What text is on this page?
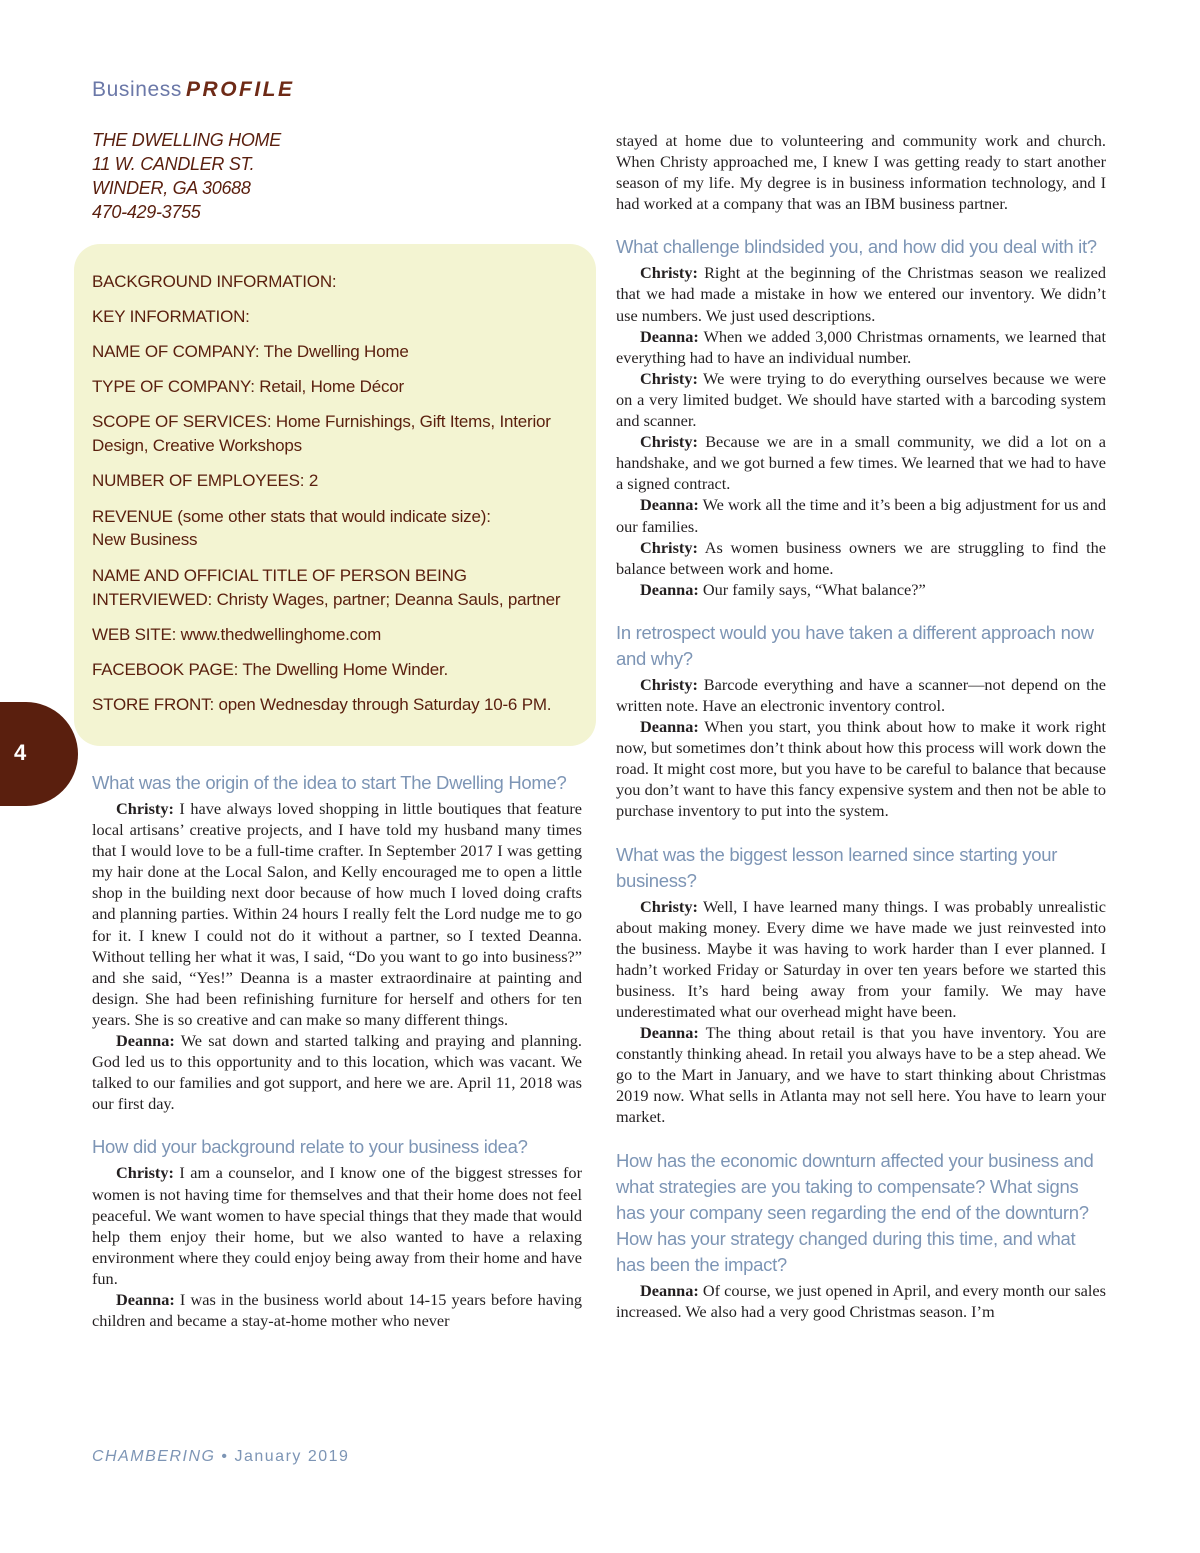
Business PROFILE
THE DWELLING HOME
11 W. CANDLER ST.
WINDER, GA 30688
470-429-3755
BACKGROUND INFORMATION:
KEY INFORMATION:
NAME OF COMPANY: The Dwelling Home
TYPE OF COMPANY: Retail, Home Décor
SCOPE OF SERVICES: Home Furnishings, Gift Items, Interior Design, Creative Workshops
NUMBER OF EMPLOYEES: 2
REVENUE (some other stats that would indicate size):
New Business
NAME AND OFFICIAL TITLE OF PERSON BEING INTERVIEWED: Christy Wages, partner; Deanna Sauls, partner
WEB SITE: www.thedwellinghome.com
FACEBOOK PAGE: The Dwelling Home Winder.
STORE FRONT: open Wednesday through Saturday 10-6 PM.
4
What was the origin of the idea to start The Dwelling Home?

Christy: I have always loved shopping in little boutiques that feature local artisans’ creative projects, and I have told my husband many times that I would love to be a full-time crafter. In September 2017 I was getting my hair done at the Local Salon, and Kelly encouraged me to open a little shop in the building next door because of how much I loved doing crafts and planning parties. Within 24 hours I really felt the Lord nudge me to go for it. I knew I could not do it without a partner, so I texted Deanna. Without telling her what it was, I said, “Do you want to go into business?” and she said, “Yes!” Deanna is a master extraordinaire at painting and design. She had been refinishing furniture for herself and others for ten years. She is so creative and can make so many different things.

Deanna: We sat down and started talking and praying and planning. God led us to this opportunity and to this location, which was vacant. We talked to our families and got support, and here we are. April 11, 2018 was our first day.

How did your background relate to your business idea?

Christy: I am a counselor, and I know one of the biggest stresses for women is not having time for themselves and that their home does not feel peaceful. We want women to have special things that they made that would help them enjoy their home, but we also wanted to have a relaxing environment where they could enjoy being away from their home and have fun.

Deanna: I was in the business world about 14-15 years before having children and became a stay-at-home mother who never

stayed at home due to volunteering and community work and church. When Christy approached me, I knew I was getting ready to start another season of my life. My degree is in business information technology, and I had worked at a company that was an IBM business partner.

What challenge blindsided you, and how did you deal with it?

Christy: Right at the beginning of the Christmas season we realized that we had made a mistake in how we entered our inventory. We didn’t use numbers. We just used descriptions.

Deanna: When we added 3,000 Christmas ornaments, we learned that everything had to have an individual number.

Christy: We were trying to do everything ourselves because we were on a very limited budget. We should have started with a barcoding system and scanner.

Christy: Because we are in a small community, we did a lot on a handshake, and we got burned a few times. We learned that we had to have a signed contract.

Deanna: We work all the time and it’s been a big adjustment for us and our families.

Christy: As women business owners we are struggling to find the balance between work and home.

Deanna: Our family says, “What balance?”

In retrospect would you have taken a different approach now and why?

Christy: Barcode everything and have a scanner—not depend on the written note. Have an electronic inventory control.

Deanna: When you start, you think about how to make it work right now, but sometimes don’t think about how this process will work down the road. It might cost more, but you have to be careful to balance that because you don’t want to have this fancy expensive system and then not be able to purchase inventory to put into the system.

What was the biggest lesson learned since starting your business?

Christy: Well, I have learned many things. I was probably unrealistic about making money. Every dime we have made we just reinvested into the business. Maybe it was having to work harder than I ever planned. I hadn’t worked Friday or Saturday in over ten years before we started this business. It’s hard being away from your family. We may have underestimated what our overhead might have been.

Deanna: The thing about retail is that you have inventory. You are constantly thinking ahead. In retail you always have to be a step ahead. We go to the Mart in January, and we have to start thinking about Christmas 2019 now. What sells in Atlanta may not sell here. You have to learn your market.

How has the economic downturn affected your business and what strategies are you taking to compensate? What signs has your company seen regarding the end of the downturn? How has your strategy changed during this time, and what has been the impact?

Deanna: Of course, we just opened in April, and every month our sales increased. We also had a very good Christmas season. I’m

CHAMBERING • January 2019
